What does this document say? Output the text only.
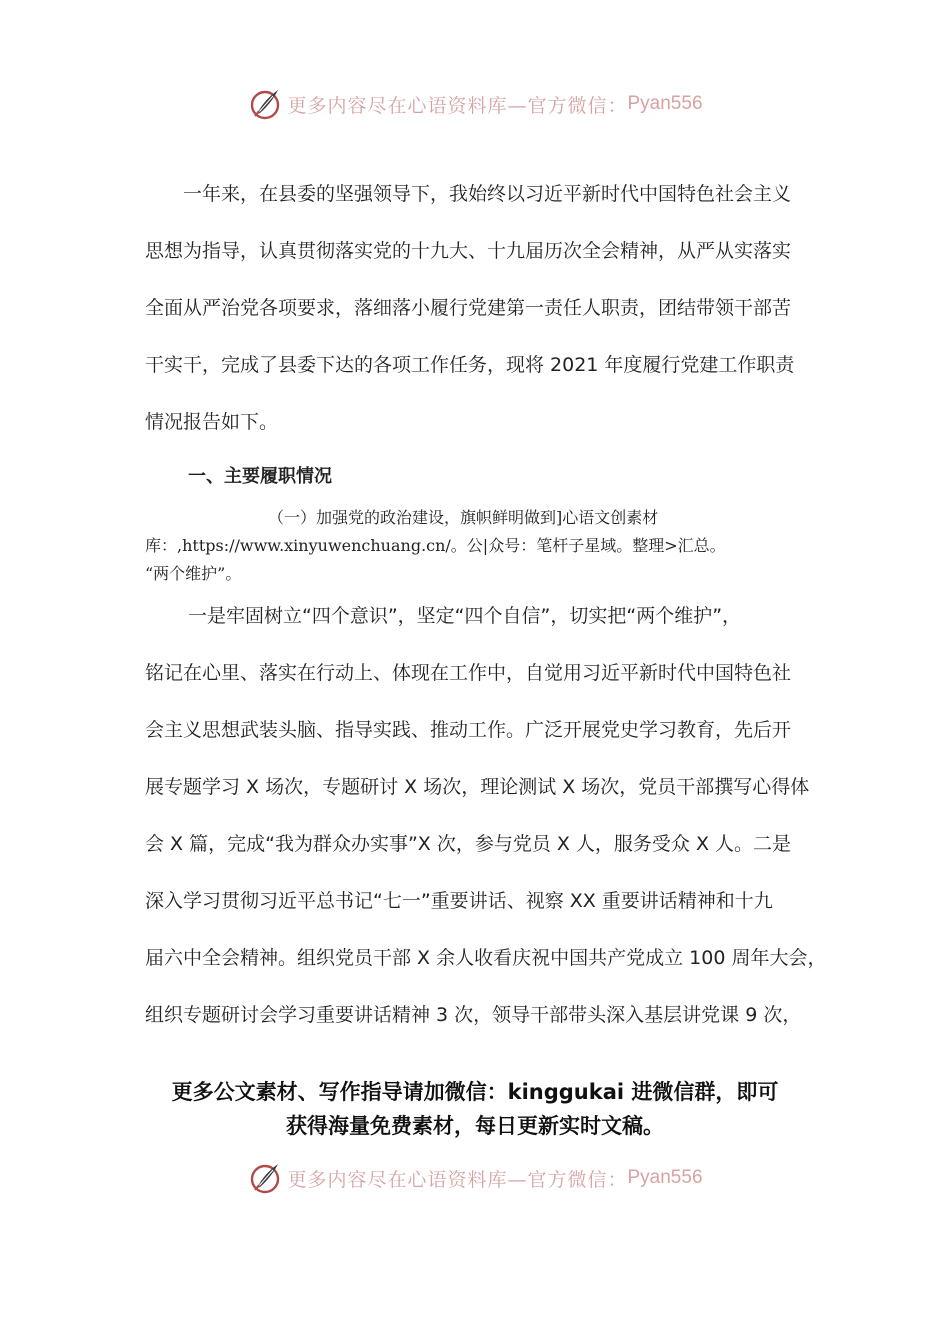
更多内容尽在心语资料库—官方微信： Pyan556
一年来，在县委的坚强领导下，我始终以习近平新时代中国特色社会主义
思想为指导，认真贯彻落实党的十九大、十九届历次全会精神，从严从实落实
全面从严治党各项要求，落细落小履行党建第一责任人职责，团结带领干部苦
干实干，完成了县委下达的各项工作任务，现将 2021 年度履行党建工作职责
情况报告如下。
一、主要履职情况
（一）加强党的政治建设，旗帜鲜明做到]心语文创素材
库：,https://www.xinyuwenchuang.cn/。公|众号：笔杆子星域。整理>汇总。
“两个维护”。
一是牢固树立“四个意识”，坚定“四个自信”，切实把“两个维护”，
铭记在心里、落实在行动上、体现在工作中，自觉用习近平新时代中国特色社
会主义思想武装头脑、指导实践、推动工作。广泛开展党史学习教育，先后开
展专题学习 X 场次，专题研讨 X 场次，理论测试 X 场次，党员干部撰写心得体
会 X 篇，完成“我为群众办实事”X 次，参与党员 X 人，服务受众 X 人。二是
深入学习贯彻习近平总书记“七一”重要讲话、视察 XX 重要讲话精神和十九
届六中全会精神。组织党员干部 X 余人收看庆祝中国共产党成立 100 周年大会，
组织专题研讨会学习重要讲话精神 3 次，领导干部带头深入基层讲党课 9 次，
更多公文素材、写作指导请加微信：kinggukai 进微信群，即可
获得海量免费素材，每日更新实时文稿。
更多内容尽在心语资料库—官方微信： Pyan556
